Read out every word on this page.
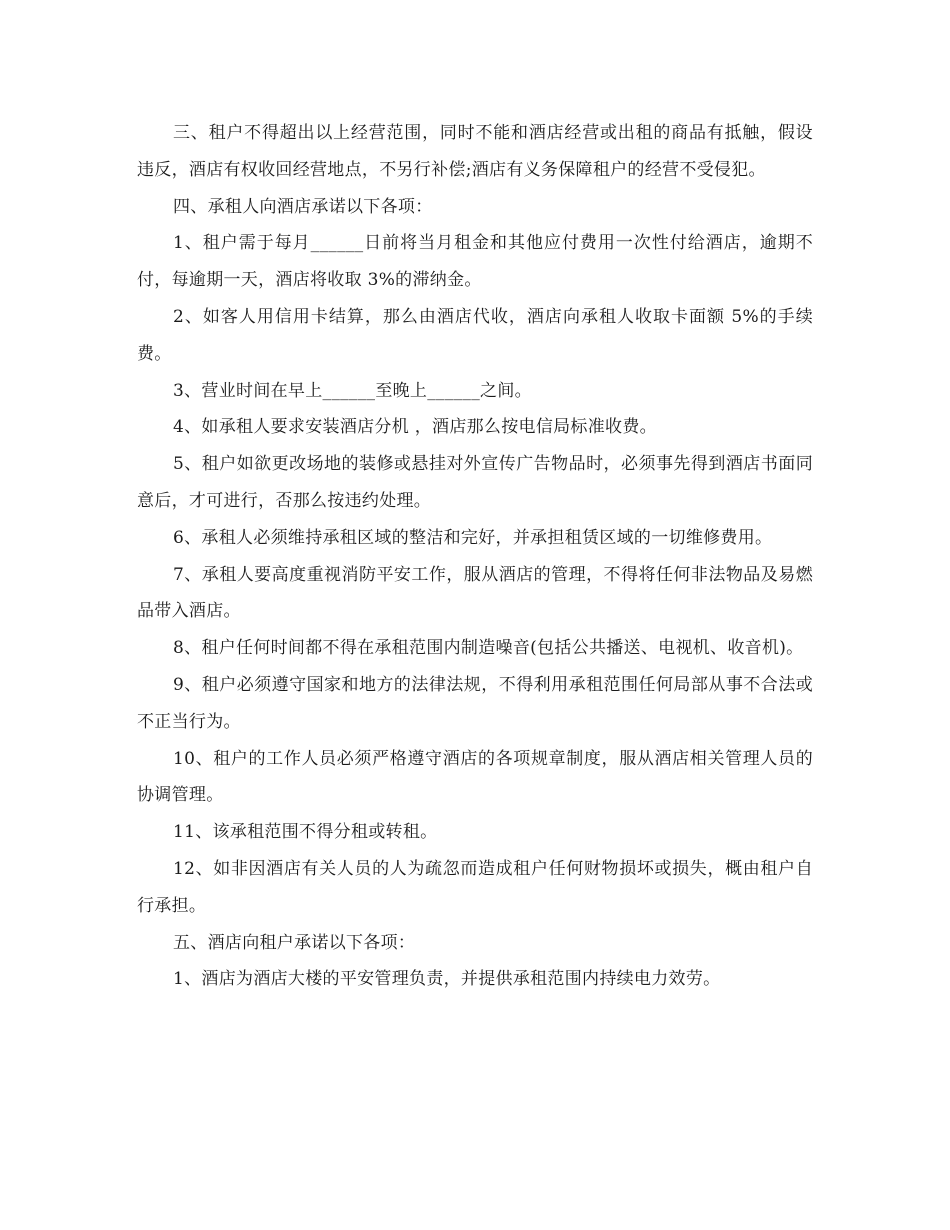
三、租户不得超出以上经营范围，同时不能和酒店经营或出租的商品有抵触，假设违反，酒店有权收回经营地点，不另行补偿;酒店有义务保障租户的经营不受侵犯。

四、承租人向酒店承诺以下各项：

1、租户需于每月______日前将当月租金和其他应付费用一次性付给酒店，逾期不付，每逾期一天，酒店将收取 3%的滞纳金。

2、如客人用信用卡结算，那么由酒店代收，酒店向承租人收取卡面额 5%的手续费。

3、营业时间在早上______至晚上______之间。

4、如承租人要求安装酒店分机 ，酒店那么按电信局标准收费。

5、租户如欲更改场地的装修或悬挂对外宣传广告物品时，必须事先得到酒店书面同意后，才可进行，否那么按违约处理。

6、承租人必须维持承租区域的整洁和完好，并承担租赁区域的一切维修费用。

7、承租人要高度重视消防平安工作，服从酒店的管理，不得将任何非法物品及易燃品带入酒店。

8、租户任何时间都不得在承租范围内制造噪音(包括公共播送、电视机、收音机)。

9、租户必须遵守国家和地方的法律法规，不得利用承租范围任何局部从事不合法或不正当行为。

10、租户的工作人员必须严格遵守酒店的各项规章制度，服从酒店相关管理人员的协调管理。

11、该承租范围不得分租或转租。

12、如非因酒店有关人员的人为疏忽而造成租户任何财物损坏或损失，概由租户自行承担。

五、酒店向租户承诺以下各项：

1、酒店为酒店大楼的平安管理负责，并提供承租范围内持续电力效劳。
